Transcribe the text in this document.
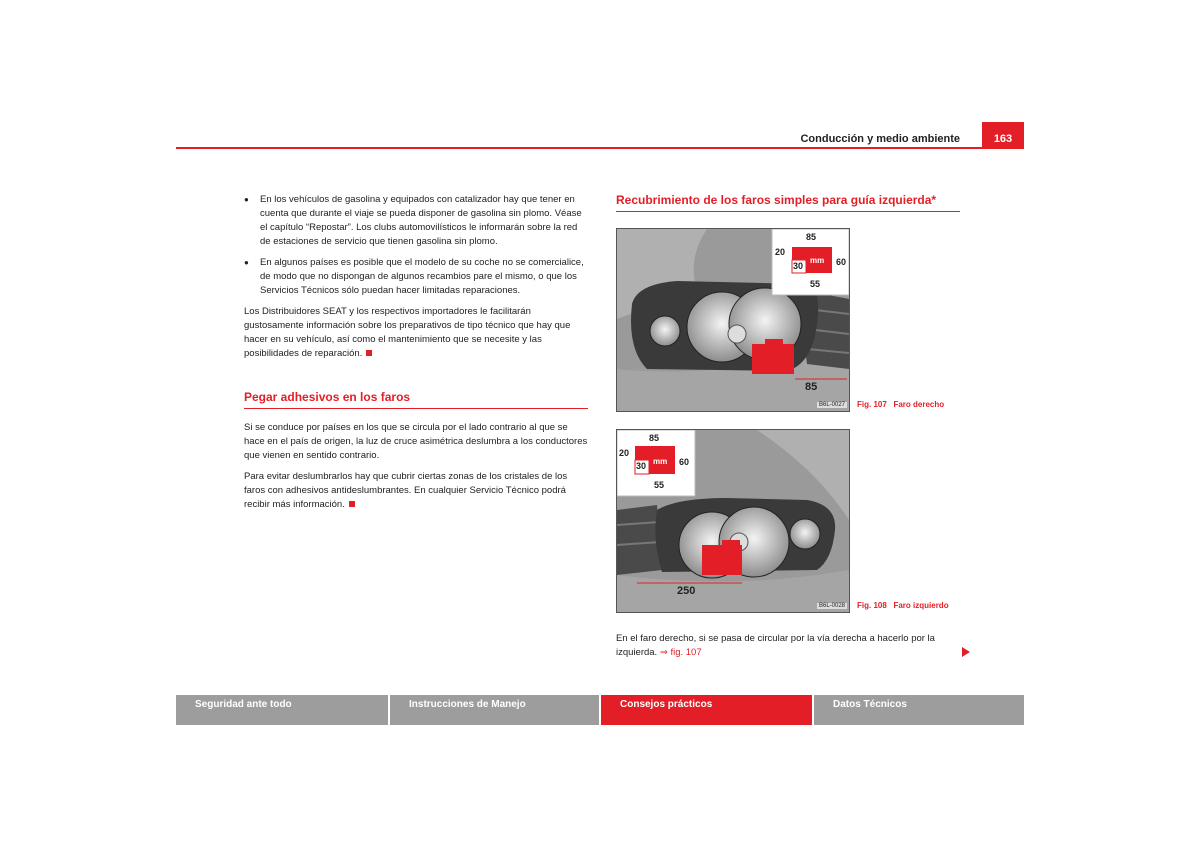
Conducción y medio ambiente	163

● En los vehículos de gasolina y equipados con catalizador hay que tener en cuenta que durante el viaje se pueda disponer de gasolina sin plomo. Véase el capítulo “Repostar”. Los clubs automovilísticos le informarán sobre la red de estaciones de servicio que tienen gasolina sin plomo.

● En algunos países es posible que el modelo de su coche no se comercialice, de modo que no dispongan de algunos recambios pare el mismo, o que los Servicios Técnicos sólo puedan hacer limitadas reparaciones.

Los Distribuidores SEAT y los respectivos importadores le facilitarán gustosamente información sobre los preparativos de tipo técnico que hay que hacer en su vehículo, así como el mantenimiento que se necesite y las posibilidades de reparación.

Pegar adhesivos en los faros

Si se conduce por países en los que se circula por el lado contrario al que se hace en el país de origen, la luz de cruce asimétrica deslumbra a los conductores que vienen en sentido contrario.

Para evitar deslumbrarlos hay que cubrir ciertas zonas de los cristales de los faros con adhesivos antideslumbrantes. En cualquier Servicio Técnico podrá recibir más información.

Recubrimiento de los faros simples para guía izquierda*
85
20
30
mm 60
55
85
B6L-0027 Fig. 107 Faro derecho
85
20
30 mm 60
55
250
B6L-0028 Fig. 108 Faro izquierdo
En el faro derecho, si se pasa de circular por la vía derecha a hacerlo por la izquierda. ⇒ fig. 107
Seguridad ante todo	Instrucciones de Manejo	Consejos prácticos	Datos Técnicos
